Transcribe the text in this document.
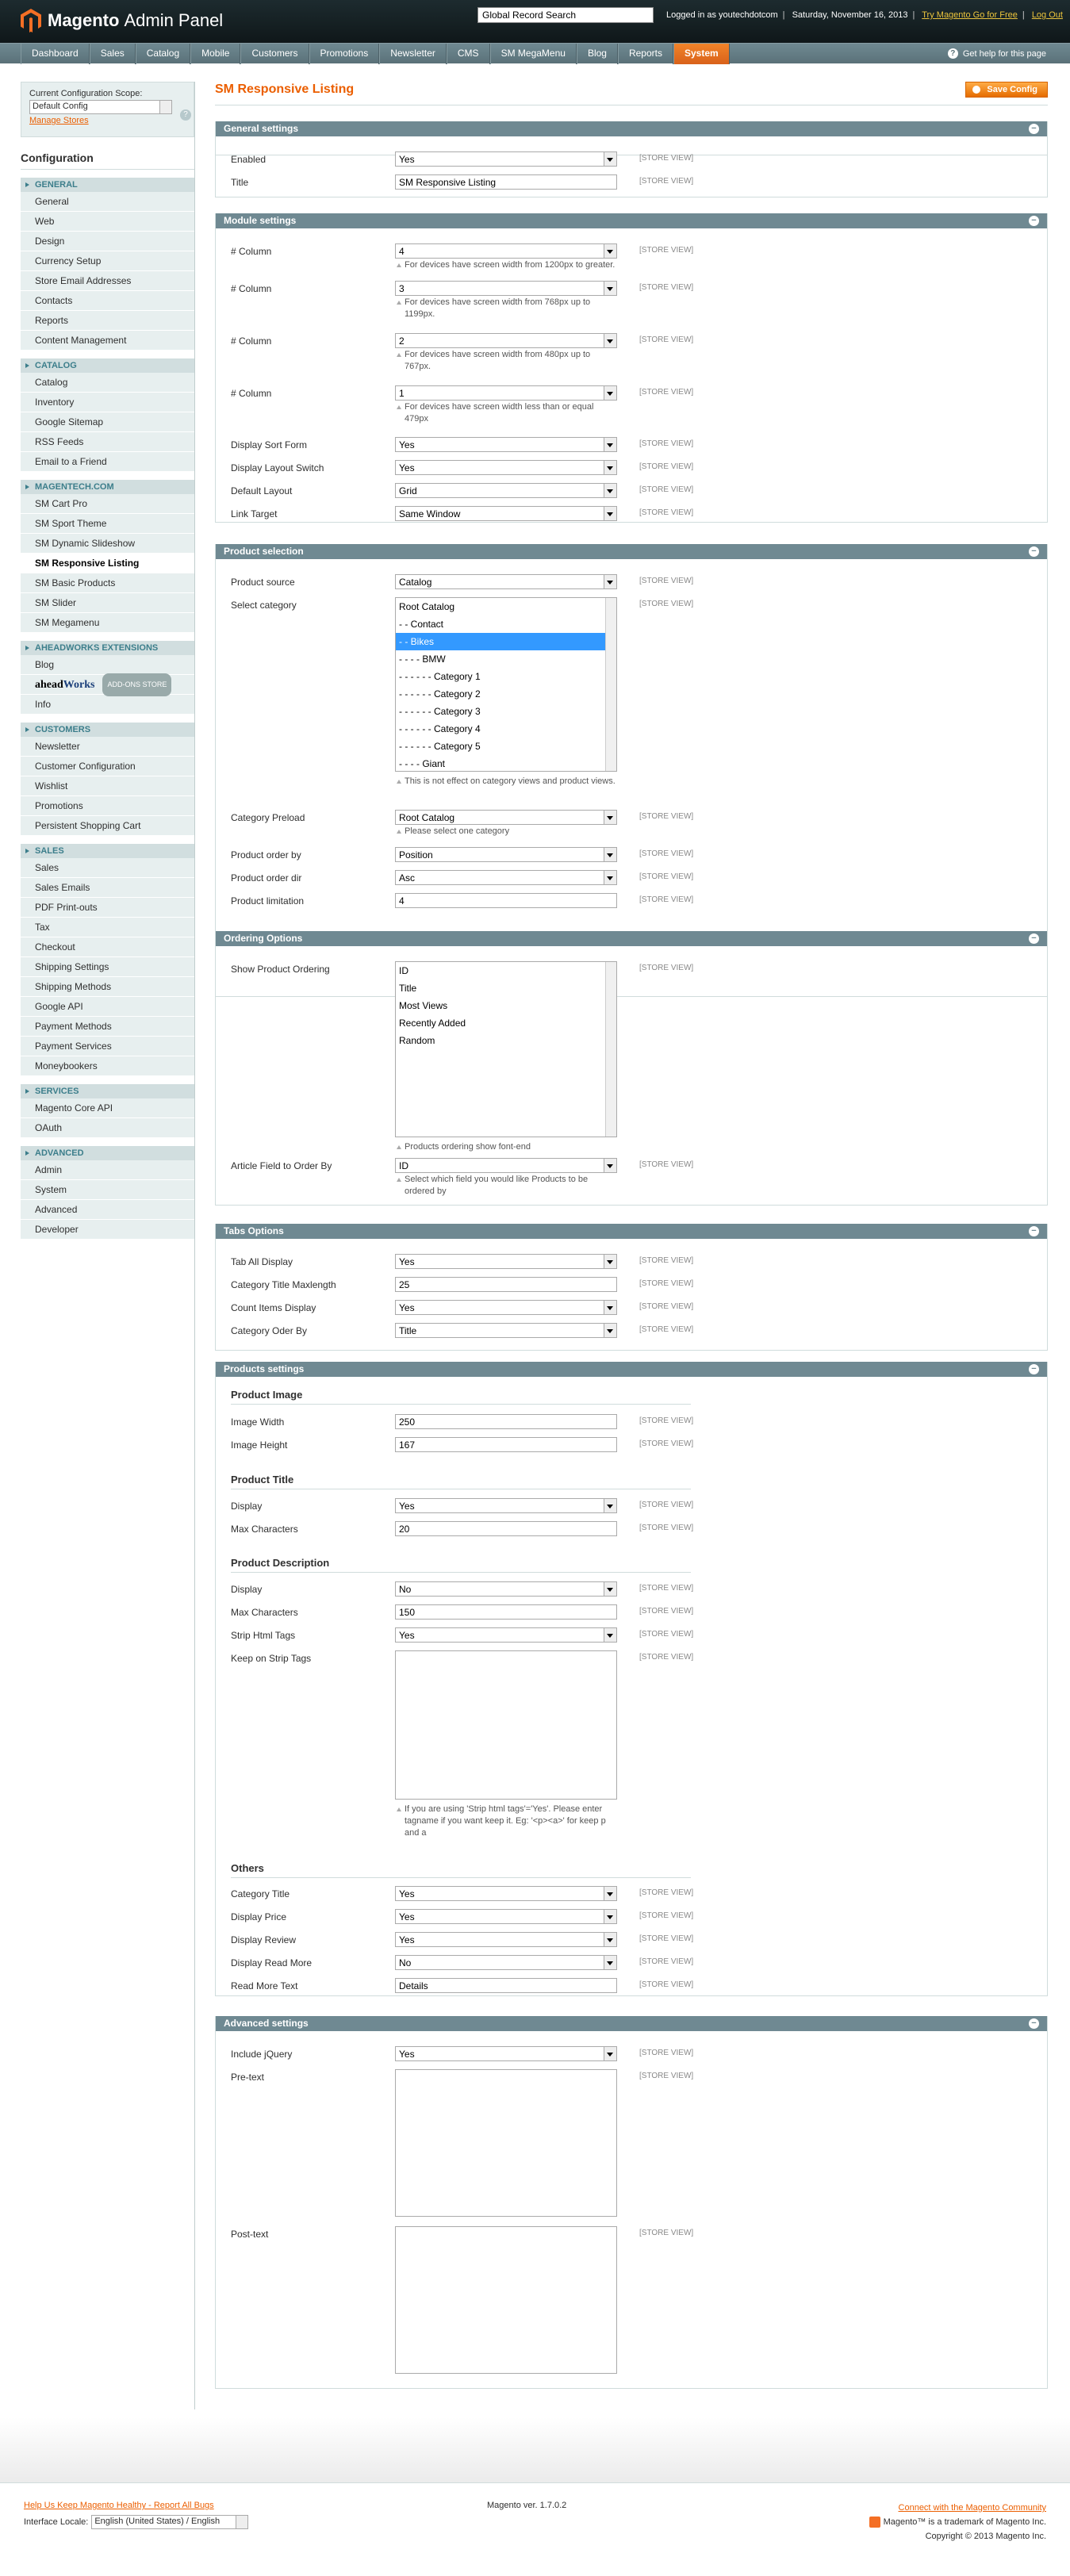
Magento Admin Panel	Global Record Search	Logged in as youtechdotcom | Saturday, November 16, 2013 | Try Magento Go for Free | Log Out
Dashboard	Sales	Catalog	Mobile	Customers	Promotions	Newsletter	CMS	SM MegaMenu	Blog	Reports	System	? Get help for this page
Current Configuration Scope:
Default Config
Manage Stores
?
Configuration
GENERAL
General
Web
Design
Currency Setup
Store Email Addresses
Contacts
Reports
Content Management
CATALOG
Catalog
Inventory
Google Sitemap
RSS Feeds
Email to a Friend
MAGENTECH.COM
SM Cart Pro
SM Sport Theme
SM Dynamic Slideshow
SM Responsive Listing
SM Basic Products
SM Slider
SM Megamenu
AHEADWORKS EXTENSIONS
Blog
aheadWorks	ADD-ONS STORE
Info
CUSTOMERS
Newsletter
Customer Configuration
Wishlist
Promotions
Persistent Shopping Cart
SALES
Sales
Sales Emails
PDF Print-outs
Tax
Checkout
Shipping Settings
Shipping Methods
Google API
Payment Methods
Payment Services
Moneybookers
SERVICES
Magento Core API
OAuth
ADVANCED
Admin
System
Advanced
Developer
SM Responsive Listing	Save Config
General settings	−
Enabled	Yes	[STORE VIEW]
Title	SM Responsive Listing	[STORE VIEW]
Module settings	−
# Column	4	[STORE VIEW]
For devices have screen width from 1200px to greater.
# Column	3	[STORE VIEW]
For devices have screen width from 768px up to 1199px.
# Column	2	[STORE VIEW]
For devices have screen width from 480px up to 767px.
# Column	1	[STORE VIEW]
For devices have screen width less than or equal 479px
Display Sort Form	Yes	[STORE VIEW]
Display Layout Switch	Yes	[STORE VIEW]
Default Layout	Grid	[STORE VIEW]
Link Target	Same Window	[STORE VIEW]
Product selection	−
Product source	Catalog	[STORE VIEW]
Select category	[STORE VIEW]
Root Catalog
- - Contact
- - Bikes
- - - - BMW
- - - - - - Category 1
- - - - - - Category 2
- - - - - - Category 3
- - - - - - Category 4
- - - - - - Category 5
- - - - Giant
This is not effect on category views and product views.
Category Preload	Root Catalog	[STORE VIEW]
Please select one category
Product order by	Position	[STORE VIEW]
Product order dir	Asc	[STORE VIEW]
Product limitation	4	[STORE VIEW]
Ordering Options	−
Show Product Ordering	[STORE VIEW]
ID
Title
Most Views
Recently Added
Random
Products ordering show font-end
Article Field to Order By	ID	[STORE VIEW]
Select which field you would like Products to be ordered by
Tabs Options	−
Tab All Display	Yes	[STORE VIEW]
Category Title Maxlength	25	[STORE VIEW]
Count Items Display	Yes	[STORE VIEW]
Category Oder By	Title	[STORE VIEW]
Products settings	−
Product Image
Image Width	250	[STORE VIEW]
Image Height	167	[STORE VIEW]
Product Title
Display	Yes	[STORE VIEW]
Max Characters	20	[STORE VIEW]
Product Description
Display	No	[STORE VIEW]
Max Characters	150	[STORE VIEW]
Strip Html Tags	Yes	[STORE VIEW]
Keep on Strip Tags	[STORE VIEW]
If you are using 'Strip html tags'='Yes'. Please enter tagname if you want keep it. Eg: '<p><a>' for keep p and a
Others
Category Title	Yes	[STORE VIEW]
Display Price	Yes	[STORE VIEW]
Display Review	Yes	[STORE VIEW]
Display Read More	No	[STORE VIEW]
Read More Text	Details	[STORE VIEW]
Advanced settings	−
Include jQuery	Yes	[STORE VIEW]
Pre-text	[STORE VIEW]
Post-text	[STORE VIEW]
Help Us Keep Magento Healthy - Report All Bugs
Interface Locale: English (United States) / English
Magento ver. 1.7.0.2	Connect with the Magento Community
Magento™ is a trademark of Magento Inc.
Copyright © 2013 Magento Inc.
